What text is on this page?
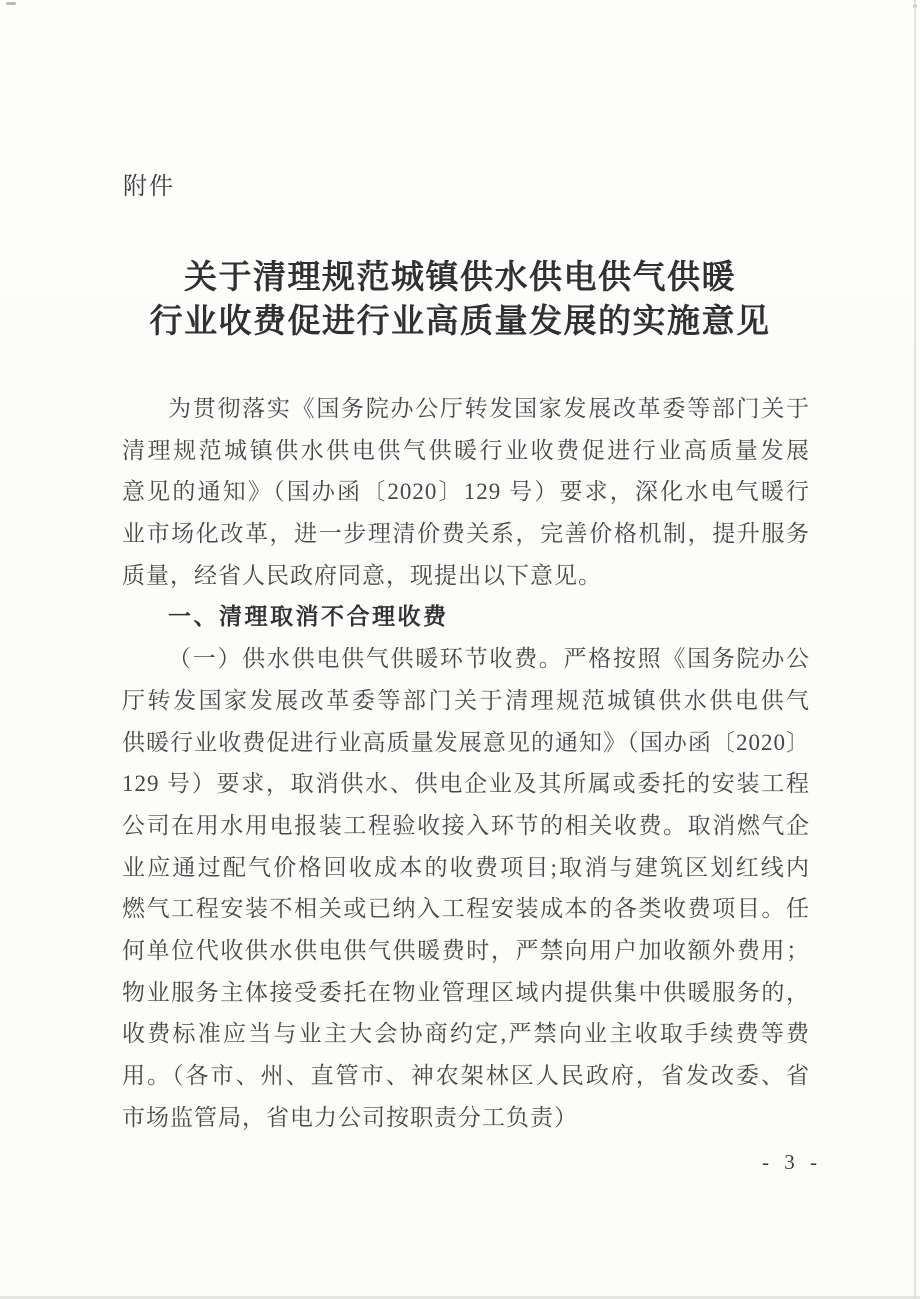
附件
关于清理规范城镇供水供电供气供暖
行业收费促进行业高质量发展的实施意见
为贯彻落实《国务院办公厅转发国家发展改革委等部门关于
清理规范城镇供水供电供气供暖行业收费促进行业高质量发展
意见的通知》（国办函〔2020〕129 号）要求，深化水电气暖行
业市场化改革，进一步理清价费关系，完善价格机制，提升服务
质量，经省人民政府同意，现提出以下意见。
一、清理取消不合理收费
（一）供水供电供气供暖环节收费。严格按照《国务院办公
厅转发国家发展改革委等部门关于清理规范城镇供水供电供气
供暖行业收费促进行业高质量发展意见的通知》（国办函〔2020〕
129 号）要求，取消供水、供电企业及其所属或委托的安装工程
公司在用水用电报装工程验收接入环节的相关收费。取消燃气企
业应通过配气价格回收成本的收费项目;取消与建筑区划红线内
燃气工程安装不相关或已纳入工程安装成本的各类收费项目。任
何单位代收供水供电供气供暖费时，严禁向用户加收额外费用；
物业服务主体接受委托在物业管理区域内提供集中供暖服务的，
收费标准应当与业主大会协商约定,严禁向业主收取手续费等费
用。（各市、州、直管市、神农架林区人民政府，省发改委、省
市场监管局，省电力公司按职责分工负责）
- 3 -
